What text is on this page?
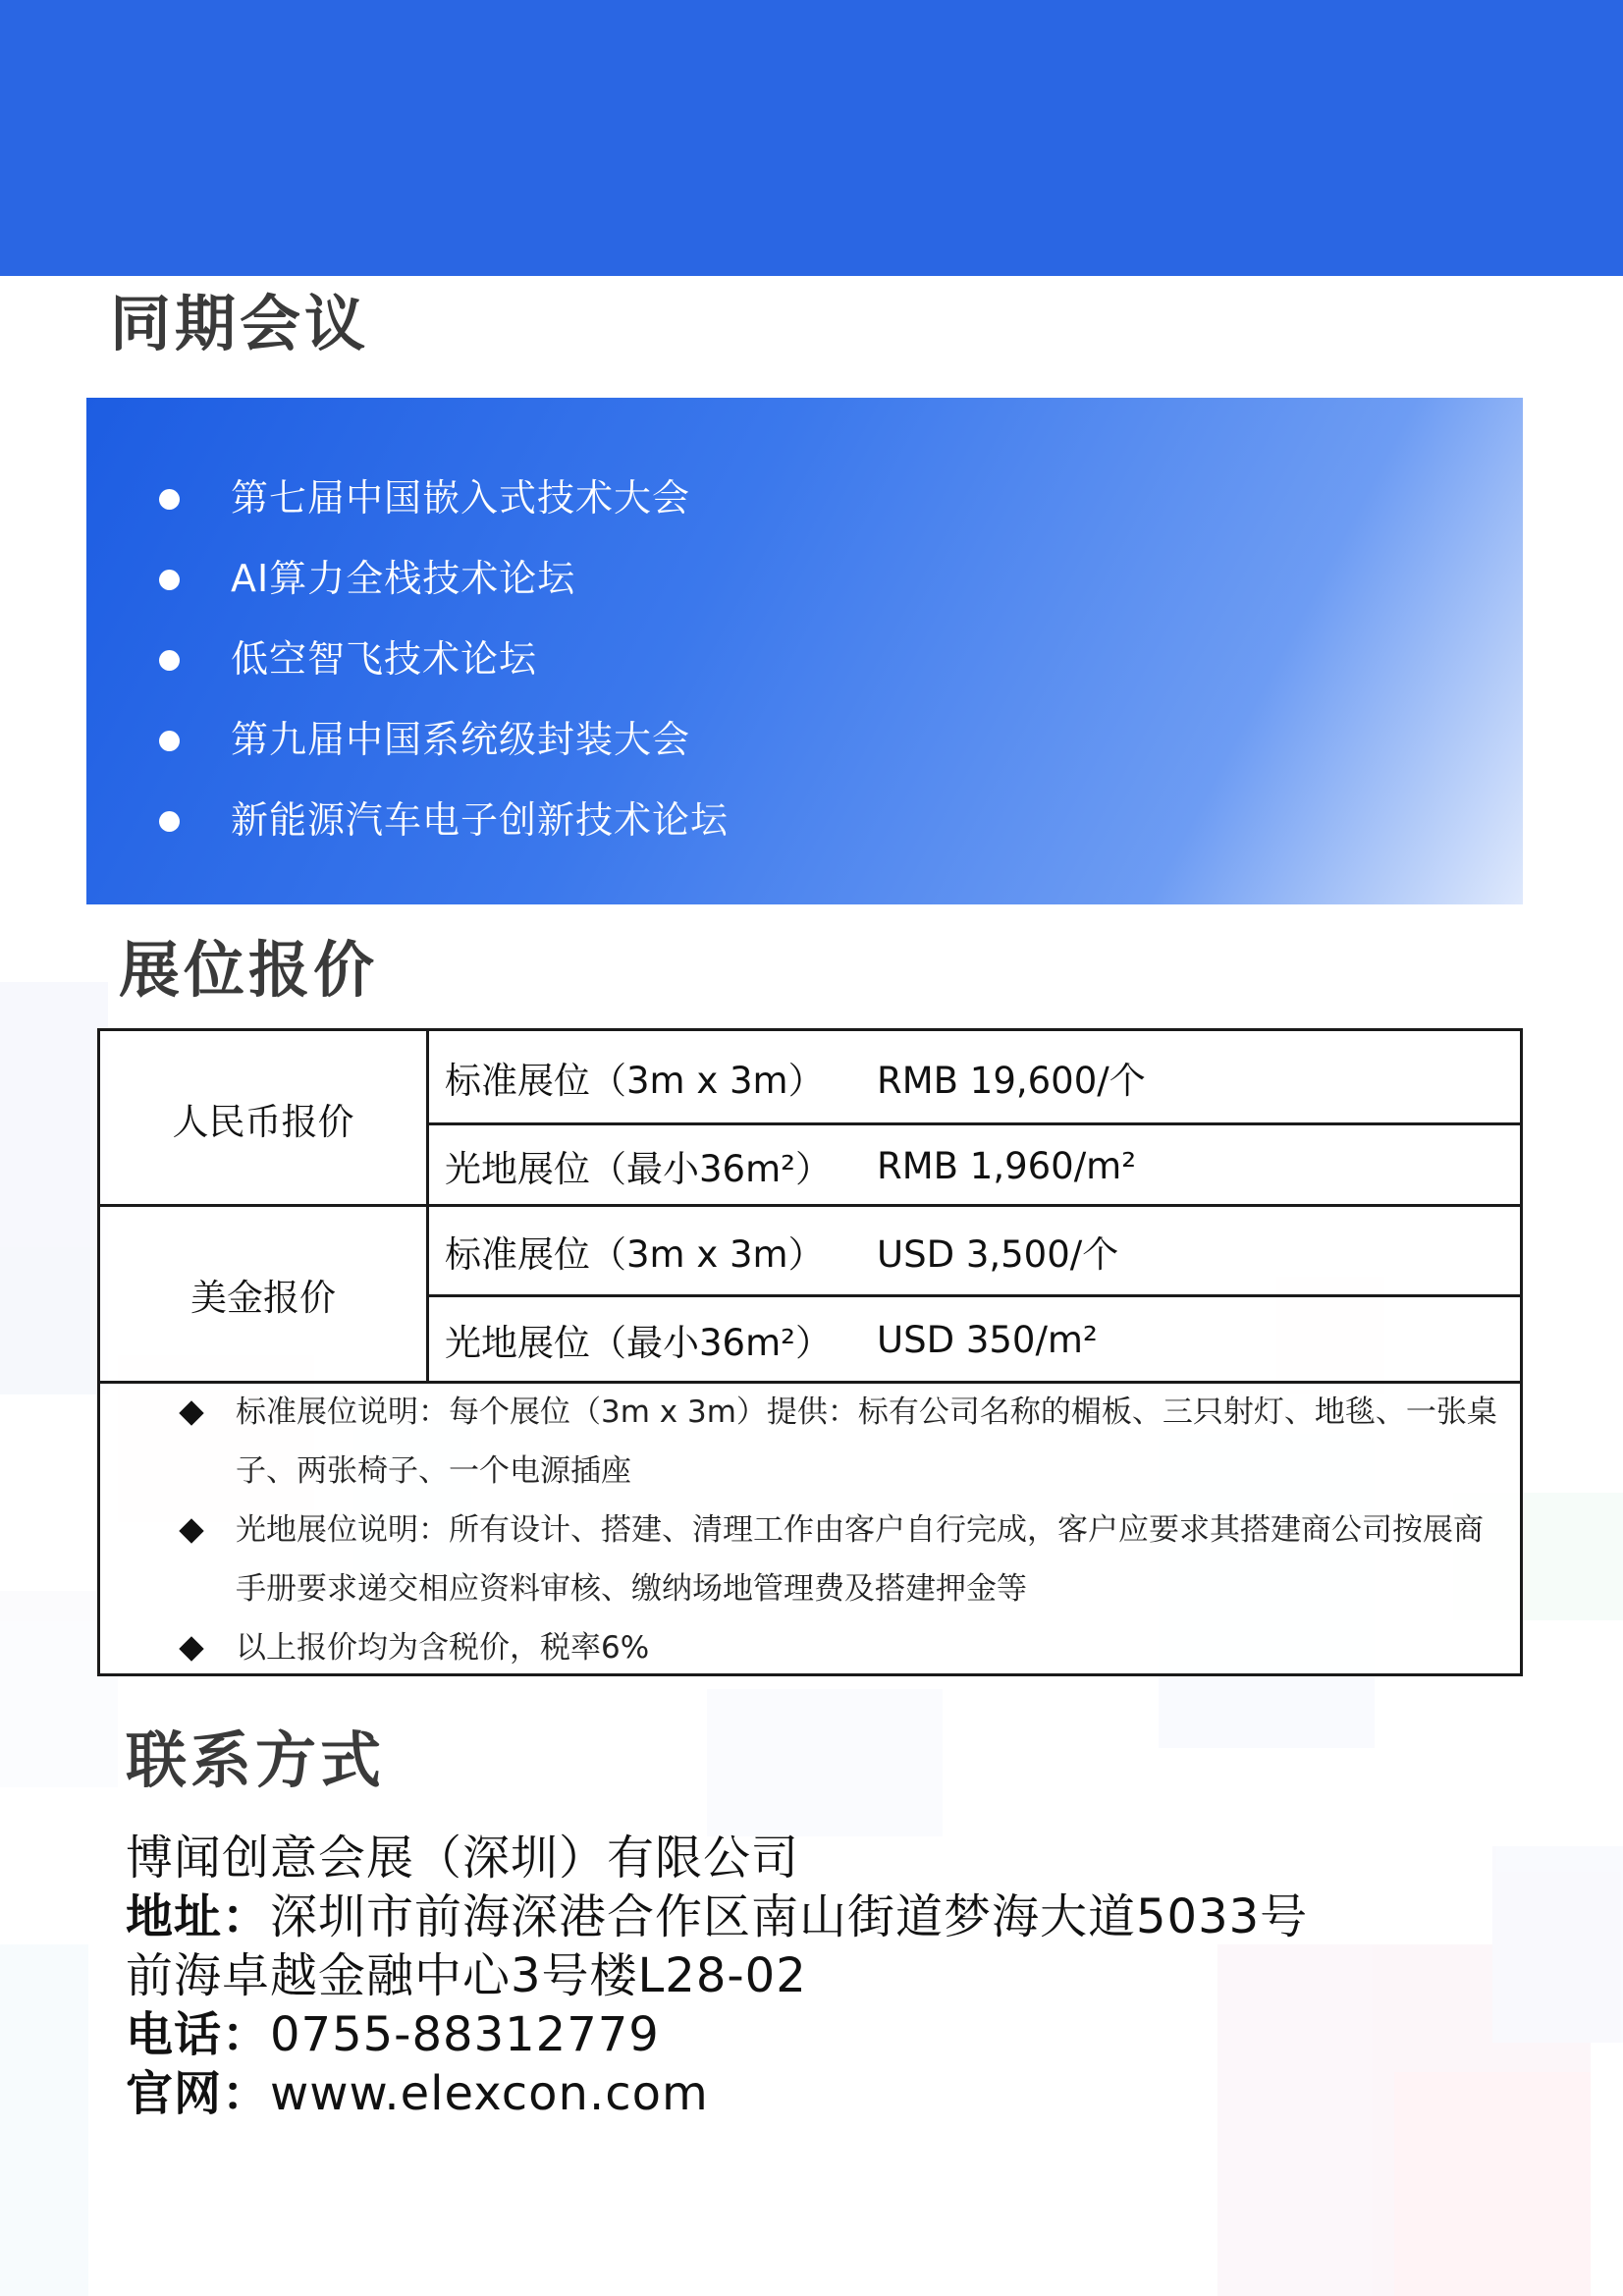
同期会议
第七届中国嵌入式技术大会
AI算力全栈技术论坛
低空智飞技术论坛
第九届中国系统级封装大会
新能源汽车电子创新技术论坛
展位报价
人民币报价
标准展位（3m x 3m）	RMB 19,600/个
光地展位（最小36m²）	RMB 1,960/m²
美金报价
标准展位（3m x 3m）	USD 3,500/个
光地展位（最小36m²）	USD 350/m²
标准展位说明：每个展位（3m x 3m）提供：标有公司名称的楣板、三只射灯、地毯、一张桌子、两张椅子、一个电源插座
光地展位说明：所有设计、搭建、清理工作由客户自行完成，客户应要求其搭建商公司按展商手册要求递交相应资料审核、缴纳场地管理费及搭建押金等
以上报价均为含税价，税率6%
联系方式
博闻创意会展（深圳）有限公司
地址：深圳市前海深港合作区南山街道梦海大道5033号
前海卓越金融中心3号楼L28-02
电话：0755-88312779
官网：www.elexcon.com
